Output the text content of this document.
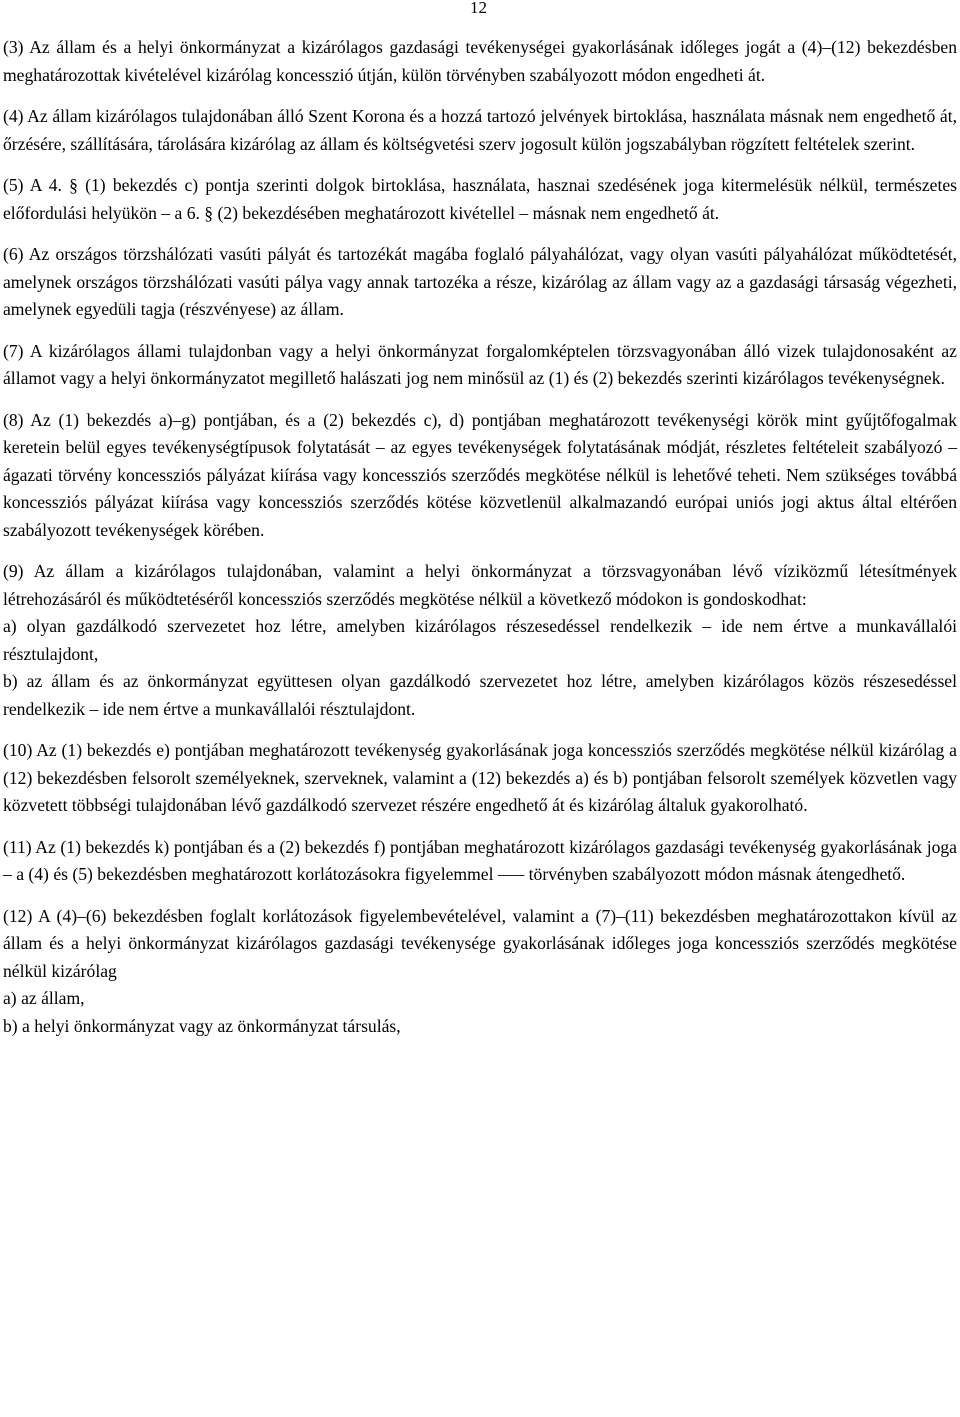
12

(3) Az állam és a helyi önkormányzat a kizárólagos gazdasági tevékenységei gyakorlásának időleges jogát a (4)–(12) bekezdésben meghatározottak kivételével kizárólag koncesszió útján, külön törvényben szabályozott módon engedheti át.

(4) Az állam kizárólagos tulajdonában álló Szent Korona és a hozzá tartozó jelvények birtoklása, használata másnak nem engedhető át, őrzésére, szállítására, tárolására kizárólag az állam és költségvetési szerv jogosult külön jogszabályban rögzített feltételek szerint.

(5) A 4. § (1) bekezdés c) pontja szerinti dolgok birtoklása, használata, hasznai szedésének joga kitermelésük nélkül, természetes előfordulási helyükön ‒ a 6. § (2) bekezdésében meghatározott kivétellel ‒ másnak nem engedhető át.

(6) Az országos törzshálózati vasúti pályát és tartozékát magába foglaló pályahálózat, vagy olyan vasúti pályahálózat működtetését, amelynek országos törzshálózati vasúti pálya vagy annak tartozéka a része, kizárólag az állam vagy az a gazdasági társaság végezheti, amelynek egyedüli tagja (részvényese) az állam.

(7) A kizárólagos állami tulajdonban vagy a helyi önkormányzat forgalomképtelen törzsvagyonában álló vizek tulajdonosaként az államot vagy a helyi önkormányzatot megillető halászati jog nem minősül az (1) és (2) bekezdés szerinti kizárólagos tevékenységnek.

(8) Az (1) bekezdés a)‒g) pontjában, és a (2) bekezdés c), d) pontjában meghatározott tevékenységi körök mint gyűjtőfogalmak keretein belül egyes tevékenységtípusok folytatását ‒ az egyes tevékenységek folytatásának módját, részletes feltételeit szabályozó ‒ ágazati törvény koncessziós pályázat kiírása vagy koncessziós szerződés megkötése nélkül is lehetővé teheti. Nem szükséges továbbá koncessziós pályázat kiírása vagy koncessziós szerződés kötése közvetlenül alkalmazandó európai uniós jogi aktus által eltérően szabályozott tevékenységek körében.

(9) Az állam a kizárólagos tulajdonában, valamint a helyi önkormányzat a törzsvagyonában lévő víziközmű létesítmények létrehozásáról és működtetéséről koncessziós szerződés megkötése nélkül a következő módokon is gondoskodhat:

a) olyan gazdálkodó szervezetet hoz létre, amelyben kizárólagos részesedéssel rendelkezik ‒ ide nem értve a munkavállalói résztulajdont,

b) az állam és az önkormányzat együttesen olyan gazdálkodó szervezetet hoz létre, amelyben kizárólagos közös részesedéssel rendelkezik ‒ ide nem értve a munkavállalói résztulajdont.

(10) Az (1) bekezdés e) pontjában meghatározott tevékenység gyakorlásának joga koncessziós szerződés megkötése nélkül kizárólag a (12) bekezdésben felsorolt személyeknek, szerveknek, valamint a (12) bekezdés a) és b) pontjában felsorolt személyek közvetlen vagy közvetett többségi tulajdonában lévő gazdálkodó szervezet részére engedhető át és kizárólag általuk gyakorolható.

(11) Az (1) bekezdés k) pontjában és a (2) bekezdés f) pontjában meghatározott kizárólagos gazdasági tevékenység gyakorlásának joga ‒ a (4) és (5) bekezdésben meghatározott korlátozásokra figyelemmel —– törvényben szabályozott módon másnak átengedhető.

(12) A (4)–(6) bekezdésben foglalt korlátozások figyelembevételével, valamint a (7)‒(11) bekezdésben meghatározottakon kívül az állam és a helyi önkormányzat kizárólagos gazdasági tevékenysége gyakorlásának időleges joga koncessziós szerződés megkötése nélkül kizárólag

a) az állam,

b) a helyi önkormányzat vagy az önkormányzat társulás,
